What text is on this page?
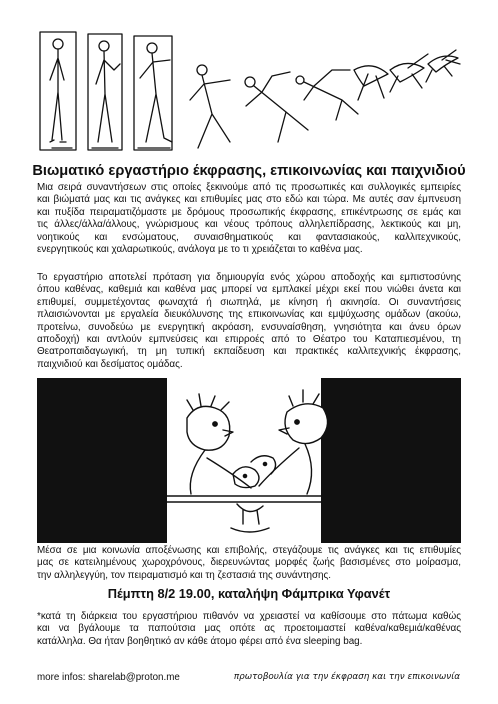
Βιωματικό εργαστήριο έκφρασης, επικοινωνίας και παιχνιδιού
Μια σειρά συναντήσεων στις οποίες ξεκινούμε από τις προσωπικές και συλλογικές εμπειρίες
και βιώματά μας και τις ανάγκες και επιθυμίες μας στο εδώ και τώρα. Με αυτές σαν έμπνευση
και πυξίδα πειραματιζόμαστε με δρόμους προσωπικής έκφρασης, επικέντρωσης σε εμάς και
τις άλλες/άλλα/άλλους, γνώρισμους και νέους τρόπους αλληλεπίδρασης, λεκτικούς και μη,
νοητικούς και ενσώματους, συναισθηματικούς και φαντασιακούς, καλλιτεχνικούς,
ενεργητικούς και χαλαρωτικούς, ανάλογα με το τι χρειάζεται το καθένα μας.
Το εργαστήριο αποτελεί πρόταση για δημιουργία ενός χώρου αποδοχής και εμπιστοσύνης
όπου καθένας, καθεμιά και καθένα μας μπορεί να εμπλακεί μέχρι εκεί που νιώθει άνετα και
επιθυμεί, συμμετέχοντας φωναχτά ή σιωπηλά, με κίνηση ή ακινησία. Οι συναντήσεις
πλαισιώνονται με εργαλεία διευκόλυνσης της επικοινωνίας και εμψύχωσης ομάδων (ακούω,
προτείνω, συνοδεύω με ενεργητική ακρόαση, ενσυναίσθηση, γνησιότητα και άνευ όρων
αποδοχή) και αντλούν εμπνεύσεις και επιρροές από το Θέατρο του Καταπιεσμένου, τη
Θεατροπαιδαγωγική, τη μη τυπική εκπαίδευση και πρακτικές καλλιτεχνικής έκφρασης,
παιχνιδιού και δεσίματος ομάδας.
Μέσα σε μια κοινωνία αποξένωσης και επιβολής, στεγάζουμε τις ανάγκες και τις επιθυμίες
μας σε κατειλημένους χωροχρόνους, διερευνώντας μορφές ζωής βασισμένες στο μοίρασμα,
την αλληλεγγύη, τον πειραματισμό και τη ζεστασιά της συνάντησης.
Πέμπτη 8/2 19.00, καταλήψη Φάμπρικα Υφανέτ
*κατά τη διάρκεια του εργαστήριου πιθανόν να χρειαστεί να καθίσουμε στο πάτωμα καθώς
και να βγάλουμε τα παπούτσια μας οπότε ας προετοιμαστεί καθένα/καθεμιά/καθένας
κατάλληλα. Θα ήταν βοηθητικό αν κάθε άτομο φέρει από ένα sleeping bag.
more infos: sharelab@proton.me	πρωτοβουλία για την έκφραση και την επικοινωνία
